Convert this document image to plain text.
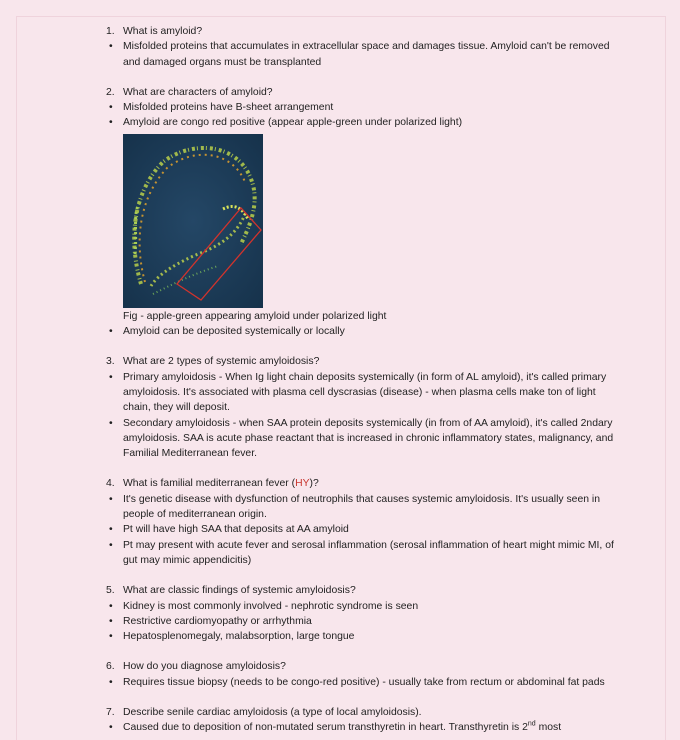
1. What is amyloid?
• Misfolded proteins that accumulates in extracellular space and damages tissue. Amyloid can't be removed and damaged organs must be transplanted
2. What are characters of amyloid?
• Misfolded proteins have B-sheet arrangement
• Amyloid are congo red positive (appear apple-green under polarized light)
Fig - apple-green appearing amyloid under polarized light
• Amyloid can be deposited systemically or locally
3. What are 2 types of systemic amyloidosis?
• Primary amyloidosis - When Ig light chain deposits systemically (in form of AL amyloid), it's called primary amyloidosis. It's associated with plasma cell dyscrasias (disease) - when plasma cells make ton of light chain, they will deposit.
• Secondary amyloidosis - when SAA protein deposits systemically (in from of AA amyloid), it's called 2ndary amyloidosis. SAA is acute phase reactant that is increased in chronic inflammatory states, malignancy, and Familial Mediterranean fever.
4. What is familial mediterranean fever (HY)?
• It's genetic disease with dysfunction of neutrophils that causes systemic amyloidosis. It's usually seen in people of mediterranean origin.
• Pt will have high SAA that deposits at AA amyloid
• Pt may present with acute fever and serosal inflammation (serosal inflammation of heart might mimic MI, of gut may mimic appendicitis)
5. What are classic findings of systemic amyloidosis?
• Kidney is most commonly involved - nephrotic syndrome is seen
• Restrictive cardiomyopathy or arrhythmia
• Hepatosplenomegaly, malabsorption, large tongue
6. How do you diagnose amyloidosis?
• Requires tissue biopsy (needs to be congo-red positive) - usually take from rectum or abdominal fat pads
7. Describe senile cardiac amyloidosis (a type of local amyloidosis).
• Caused due to deposition of non-mutated serum transthyretin in heart. Transthyretin is 2nd most
